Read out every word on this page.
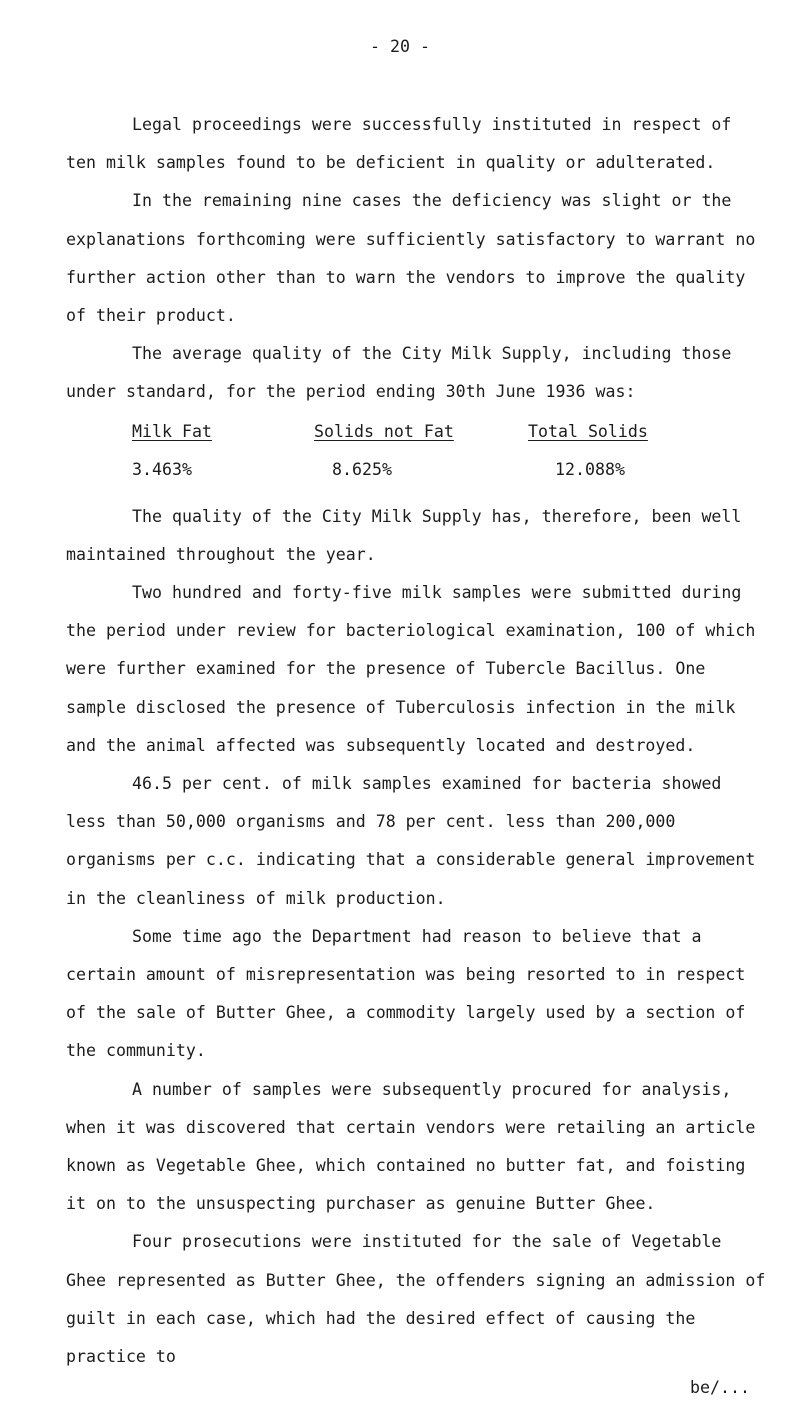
- 20 -

Legal proceedings were successfully instituted in respect of ten milk samples found to be deficient in quality or adulterated.

In the remaining nine cases the deficiency was slight or the explanations forthcoming were sufficiently satisfactory to warrant no further action other than to warn the vendors to improve the quality of their product.

The average quality of the City Milk Supply, including those under standard, for the period ending 30th June 1936 was:

Milk Fat	Solids not Fat	Total Solids
3.463%	8.625%	12.088%

The quality of the City Milk Supply has, therefore, been well maintained throughout the year.

Two hundred and forty-five milk samples were submitted during the period under review for bacteriological examination, 100 of which were further examined for the presence of Tubercle Bacillus. One sample disclosed the presence of Tuberculosis infection in the milk and the animal affected was subsequently located and destroyed.

46.5 per cent. of milk samples examined for bacteria showed less than 50,000 organisms and 78 per cent. less than 200,000 organisms per c.c. indicating that a considerable general improvement in the cleanliness of milk production.

Some time ago the Department had reason to believe that a certain amount of misrepresentation was being resorted to in respect of the sale of Butter Ghee, a commodity largely used by a section of the community.

A number of samples were subsequently procured for analysis, when it was discovered that certain vendors were retailing an article known as Vegetable Ghee, which contained no butter fat, and foisting it on to the unsuspecting purchaser as genuine Butter Ghee.

Four prosecutions were instituted for the sale of Vegetable Ghee represented as Butter Ghee, the offenders signing an admission of guilt in each case, which had the desired effect of causing the practice to

be/...
